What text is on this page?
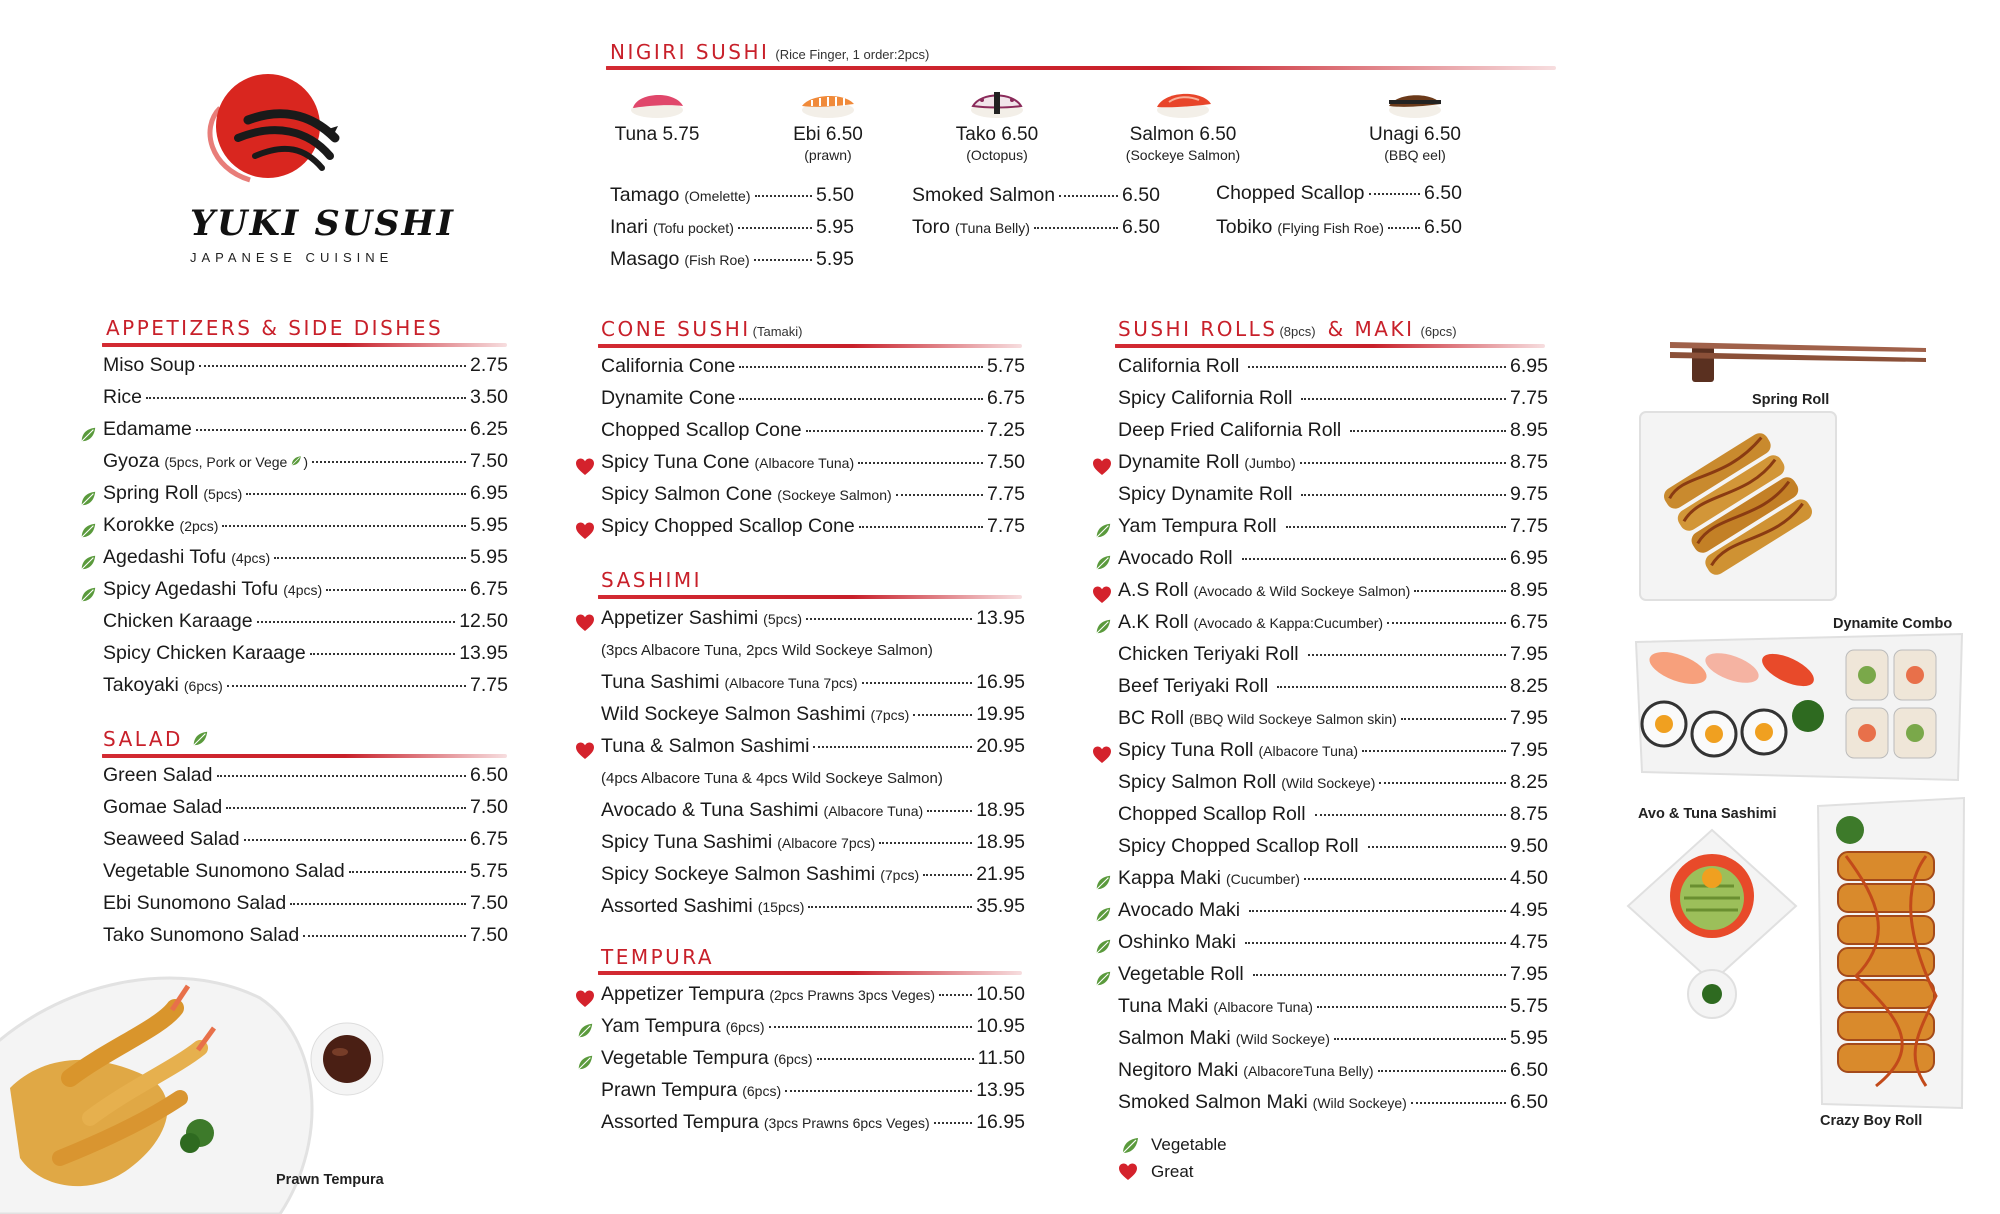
YUKI SUSHI
JAPANESE CUISINE
NIGIRI SUSHI (Rice Finger, 1 order:2pcs)
Tuna 5.75	Ebi 6.50
(prawn)
Tako 6.50
(Octopus)
Salmon 6.50
(Sockeye Salmon)
Unagi 6.50
(BBQ eel)
Tamago (Omelette)	5.50
Inari (Tofu pocket)	5.95
Masago (Fish Roe)	5.95
Smoked Salmon	6.50
Toro (Tuna Belly)	6.50
Chopped Scallop	6.50
Tobiko (Flying Fish Roe) 6.50
APPETIZERS & SIDE DISHES
Miso Soup	2.75
Rice	3.50
Edamame	6.25
Gyoza (5pcs, Pork or Vege )	7.50
Spring Roll (5pcs)	6.95
Korokke (2pcs)	5.95
Agedashi Tofu (4pcs)	5.95
Spicy Agedashi Tofu (4pcs)	6.75
Chicken Karaage	12.50
Spicy Chicken Karaage	13.95
Takoyaki (6pcs)	7.75
SALAD
Green Salad	6.50
Gomae Salad	7.50
Seaweed Salad	6.75
Vegetable Sunomono Salad	5.75
Ebi Sunomono Salad	7.50
Tako Sunomono Salad	7.50
Prawn Tempura
CONE SUSHI (Tamaki)
California Cone	5.75
Dynamite Cone	6.75
Chopped Scallop Cone	7.25
Spicy Tuna Cone (Albacore Tuna)	7.50
Spicy Salmon Cone (Sockeye Salmon)	7.75
Spicy Chopped Scallop Cone	7.75
SASHIMI
Appetizer Sashimi (5pcs)	13.95
(3pcs Albacore Tuna, 2pcs Wild Sockeye Salmon)
Tuna Sashimi (Albacore Tuna 7pcs)	16.95
Wild Sockeye Salmon Sashimi (7pcs)	19.95
Tuna & Salmon Sashimi	20.95
(4pcs Albacore Tuna & 4pcs Wild Sockeye Salmon)
Avocado & Tuna Sashimi (Albacore Tuna)	18.95
Spicy Tuna Sashimi (Albacore 7pcs)	18.95
Spicy Sockeye Salmon Sashimi (7pcs)	21.95
Assorted Sashimi (15pcs)	35.95
TEMPURA
Appetizer Tempura (2pcs Prawns 3pcs Veges) 10.50
Yam Tempura (6pcs)	10.95
Vegetable Tempura (6pcs)	11.50
Prawn Tempura (6pcs)	13.95
Assorted Tempura (3pcs Prawns 6pcs Veges) 16.95
SUSHI ROLLS (8pcs) & MAKI (6pcs)
California Roll	6.95
Spicy California Roll	7.75
Deep Fried California Roll	8.95
Dynamite Roll (Jumbo)	8.75
Spicy Dynamite Roll	9.75
Yam Tempura Roll	7.75
Avocado Roll	6.95
A.S Roll (Avocado & Wild Sockeye Salmon)	8.95
A.K Roll (Avocado & Kappa:Cucumber)	6.75
Chicken Teriyaki Roll	7.95
Beef Teriyaki Roll	8.25
BC Roll (BBQ Wild Sockeye Salmon skin)	7.95
Spicy Tuna Roll (Albacore Tuna)	7.95
Spicy Salmon Roll (Wild Sockeye)	8.25
Chopped Scallop Roll	8.75
Spicy Chopped Scallop Roll	9.50
Kappa Maki (Cucumber)	4.50
Avocado Maki	4.95
Oshinko Maki	4.75
Vegetable Roll	7.95
Tuna Maki (Albacore Tuna)	5.75
Salmon Maki (Wild Sockeye)	5.95
Negitoro Maki (AlbacoreTuna Belly)	6.50
Smoked Salmon Maki (Wild Sockeye)	6.50
Vegetable
Great
Spring Roll
Dynamite Combo
Avo & Tuna Sashimi
Crazy Boy Roll
